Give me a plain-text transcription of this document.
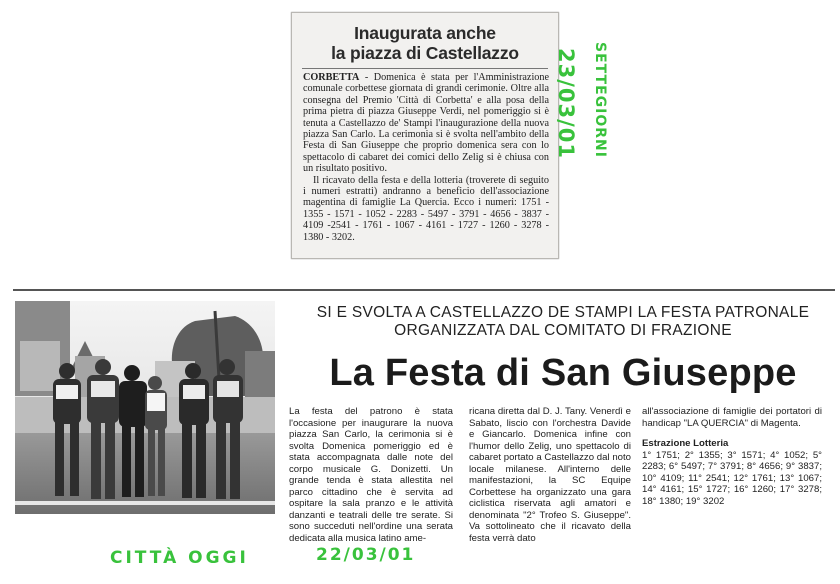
Inaugurata anche
la piazza di Castellazzo

CORBETTA - Domenica è stata per l'Amministrazione comunale corbettese giornata di grandi cerimonie. Oltre alla consegna del Premio 'Città di Corbetta' e alla posa della prima pietra di piazza Giuseppe Verdi, nel pomeriggio si è tenuta a Castellazzo de' Stampi l'inaugurazione della nuova piazza San Carlo. La cerimonia si è svolta nell'ambito della Festa di San Giuseppe che proprio domenica sera con lo spettacolo di cabaret dei comici dello Zelig si è chiusa con un risultato positivo.

Il ricavato della festa e della lotteria (troverete di seguito i numeri estratti) andranno a beneficio dell'associazione magentina di famiglie La Quercia. Ecco i numeri: 1751 - 1355 - 1571 - 1052 - 2283 - 5497 - 3791 - 4656 - 3837 - 4109 -2541 - 1761 - 1067 - 4161 - 1727 - 1260 - 3278 - 1380 - 3202.

23/03/01 SETTEGIORNI
SI E SVOLTA A CASTELLAZZO DE STAMPI LA FESTA PATRONALE
ORGANIZZATA DAL COMITATO DI FRAZIONE
La Festa di San Giuseppe
La festa del patrono è stata l'occasione per inaugurare la nuova piazza San Carlo, la cerimonia si è svolta Domenica pomeriggio ed è stata accompagnata dalle note del corpo musicale G. Donizetti. Un grande tenda è stata allestita nel parco cittadino che è servita ad ospitare la sala pranzo e le attività danzanti e teatrali delle tre serate. Si sono succeduti nell'ordine una serata dedicata alla musica latino ame-
ricana diretta dal D. J. Tany. Venerdì e Sabato, liscio con l'orchestra Davide e Giancarlo. Domenica infine con l'humor dello Zelig, uno spettacolo di cabaret portato a Castellazzo dal noto locale milanese. All'interno delle manifestazioni, la SC Equipe Corbettese ha organizzato una gara ciclistica riservata agli amatori e denominata "2° Trofeo S. Giuseppe". Va sottolineato che il ricavato della festa verrà dato
all'associazione di famiglie dei portatori di handicap "LA QUERCIA" di Magenta.
Estrazione Lotteria
1° 1751; 2° 1355; 3° 1571; 4° 1052; 5° 2283; 6° 5497; 7° 3791; 8° 4656; 9° 3837; 10° 4109; 11° 2541; 12° 1761; 13° 1067; 14° 4161; 15° 1727; 16° 1260; 17° 3278; 18° 1380; 19° 3202
CITTÀ OGGI	22/03/01
